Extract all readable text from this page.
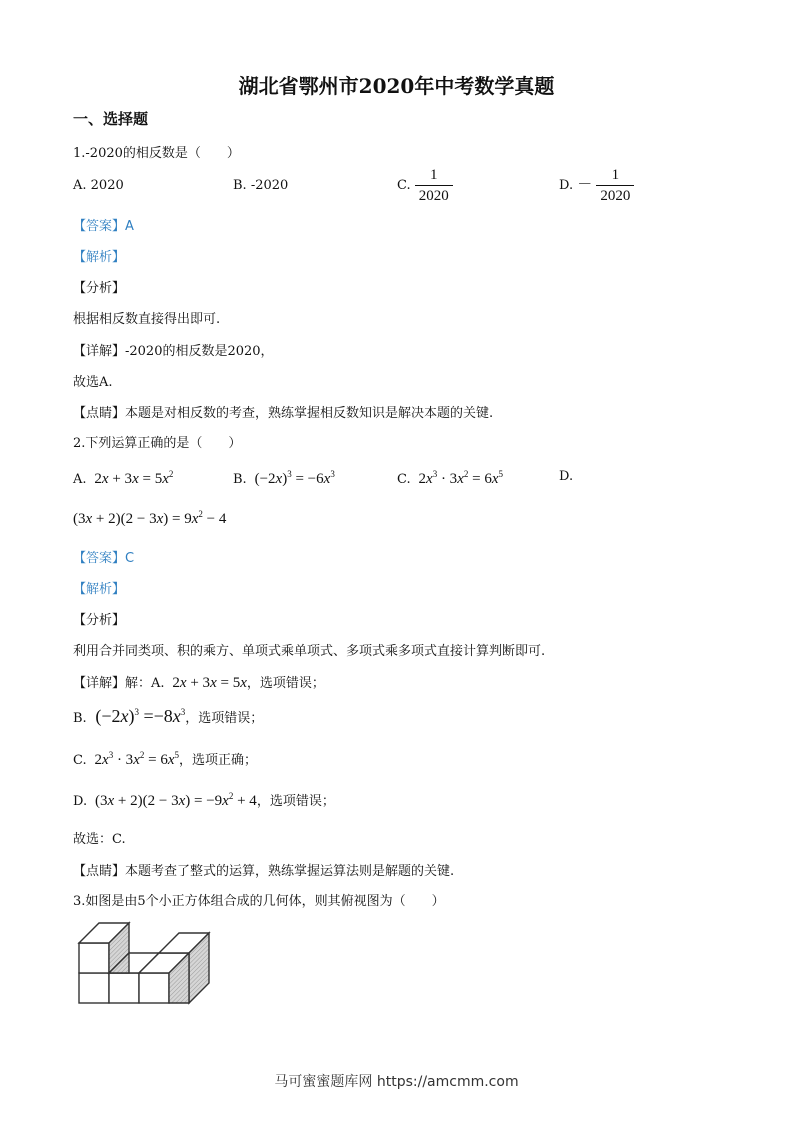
湖北省鄂州市2020年中考数学真题
一、选择题
1.-2020的相反数是（　　）
A. 2020	B. -2020	C. $\frac{1}{2020}$	D. － $\frac{1}{2020}$
【答案】A
【解析】
【分析】
根据相反数直接得出即可.
【详解】-2020的相反数是2020，
故选A.
【点睛】本题是对相反数的考查，熟练掌握相反数知识是解决本题的关键.
2.下列运算正确的是（　　）
A. $2x + 3x = 5x^2$	B. $(-2x)^3 = -6x^3$	C. $2x^3 \cdot 3x^2 = 6x^5$	D.
$(3x + 2)(2 - 3x) = 9x^2 - 4$
【答案】C
【解析】
【分析】
利用合并同类项、积的乘方、单项式乘单项式、多项式乘多项式直接计算判断即可.
【详解】解：A. 2x + 3x = 5x，选项错误；
B. $(-2x)^3 =-8x^3$，选项错误；
C. $2x^3 \cdot 3x^2 = 6x^5$，选项正确；
D. $(3x + 2)(2 - 3x) = -9x^2 + 4$，选项错误；
故选：C.
【点睛】本题考查了整式的运算，熟练掌握运算法则是解题的关键.
3.如图是由5个小正方体组合成的几何体，则其俯视图为（　　）
马可蜜蜜题库网 https://amcmm.com
